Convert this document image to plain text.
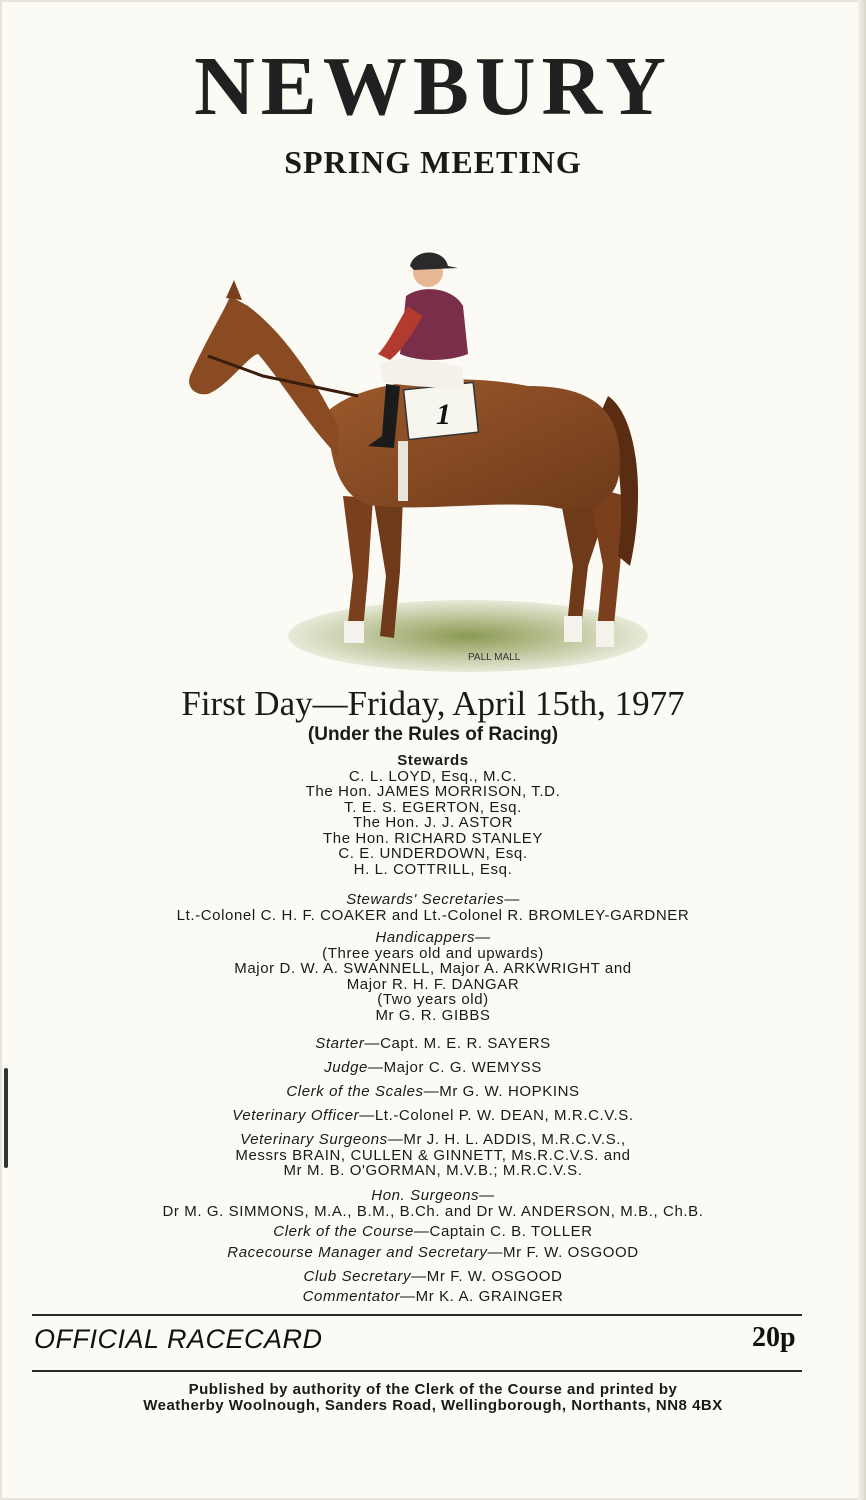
NEWBURY
SPRING MEETING
1
PALL MALL
First Day—Friday, April 15th, 1977
(Under the Rules of Racing)
Stewards
C. L. LOYD, Esq., M.C.
The Hon. JAMES MORRISON, T.D.
T. E. S. EGERTON, Esq.
The Hon. J. J. ASTOR
The Hon. RICHARD STANLEY
C. E. UNDERDOWN, Esq.
H. L. COTTRILL, Esq.
Stewards' Secretaries—
Lt.-Colonel C. H. F. COAKER and Lt.-Colonel R. BROMLEY-GARDNER
Handicappers—
(Three years old and upwards)
Major D. W. A. SWANNELL, Major A. ARKWRIGHT and
Major R. H. F. DANGAR
(Two years old)
Mr G. R. GIBBS
Starter—Capt. M. E. R. SAYERS
Judge—Major C. G. WEMYSS
Clerk of the Scales—Mr G. W. HOPKINS
Veterinary Officer—Lt.-Colonel P. W. DEAN, M.R.C.V.S.
Veterinary Surgeons—Mr J. H. L. ADDIS, M.R.C.V.S.,
Messrs BRAIN, CULLEN & GINNETT, Ms.R.C.V.S. and
Mr M. B. O'GORMAN, M.V.B.; M.R.C.V.S.
Hon. Surgeons—
Dr M. G. SIMMONS, M.A., B.M., B.Ch. and Dr W. ANDERSON, M.B., Ch.B.
Clerk of the Course—Captain C. B. TOLLER
Racecourse Manager and Secretary—Mr F. W. OSGOOD
Club Secretary—Mr F. W. OSGOOD
Commentator—Mr K. A. GRAINGER
OFFICIAL RACECARD	20p
Published by authority of the Clerk of the Course and printed by
Weatherby Woolnough, Sanders Road, Wellingborough, Northants, NN8 4BX
